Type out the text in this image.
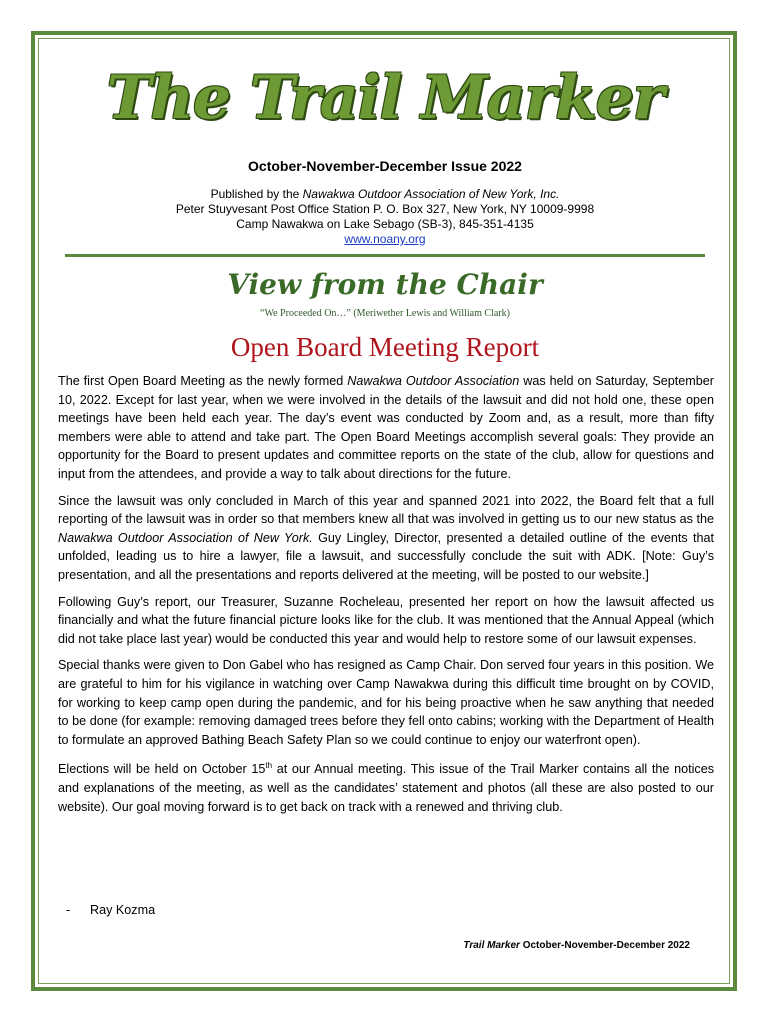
The Trail Marker
October-November-December Issue 2022
Published by the Nawakwa Outdoor Association of New York, Inc.
Peter Stuyvesant Post Office Station P. O. Box 327, New York, NY 10009-9998
Camp Nawakwa on Lake Sebago (SB-3), 845-351-4135
www.noany.org
View from the Chair
“We Proceeded On…” (Meriwether Lewis and William Clark)
Open Board Meeting Report

The first Open Board Meeting as the newly formed Nawakwa Outdoor Association was held on Saturday, September 10, 2022. Except for last year, when we were involved in the details of the lawsuit and did not hold one, these open meetings have been held each year. The day’s event was conducted by Zoom and, as a result, more than fifty members were able to attend and take part. The Open Board Meetings accomplish several goals: They provide an opportunity for the Board to present updates and committee reports on the state of the club, allow for questions and input from the attendees, and provide a way to talk about directions for the future.

Since the lawsuit was only concluded in March of this year and spanned 2021 into 2022, the Board felt that a full reporting of the lawsuit was in order so that members knew all that was involved in getting us to our new status as the Nawakwa Outdoor Association of New York. Guy Lingley, Director, presented a detailed outline of the events that unfolded, leading us to hire a lawyer, file a lawsuit, and successfully conclude the suit with ADK. [Note: Guy’s presentation, and all the presentations and reports delivered at the meeting, will be posted to our website.]

Following Guy’s report, our Treasurer, Suzanne Rocheleau, presented her report on how the lawsuit affected us financially and what the future financial picture looks like for the club. It was mentioned that the Annual Appeal (which did not take place last year) would be conducted this year and would help to restore some of our lawsuit expenses.

Special thanks were given to Don Gabel who has resigned as Camp Chair. Don served four years in this position. We are grateful to him for his vigilance in watching over Camp Nawakwa during this difficult time brought on by COVID, for working to keep camp open during the pandemic, and for his being proactive when he saw anything that needed to be done (for example: removing damaged trees before they fell onto cabins; working with the Department of Health to formulate an approved Bathing Beach Safety Plan so we could continue to enjoy our waterfront open).

Elections will be held on October 15th at our Annual meeting. This issue of the Trail Marker contains all the notices and explanations of the meeting, as well as the candidates’ statement and photos (all these are also posted to our website). Our goal moving forward is to get back on track with a renewed and thriving club.

- Ray Kozma
Trail Marker October-November-December 2022
